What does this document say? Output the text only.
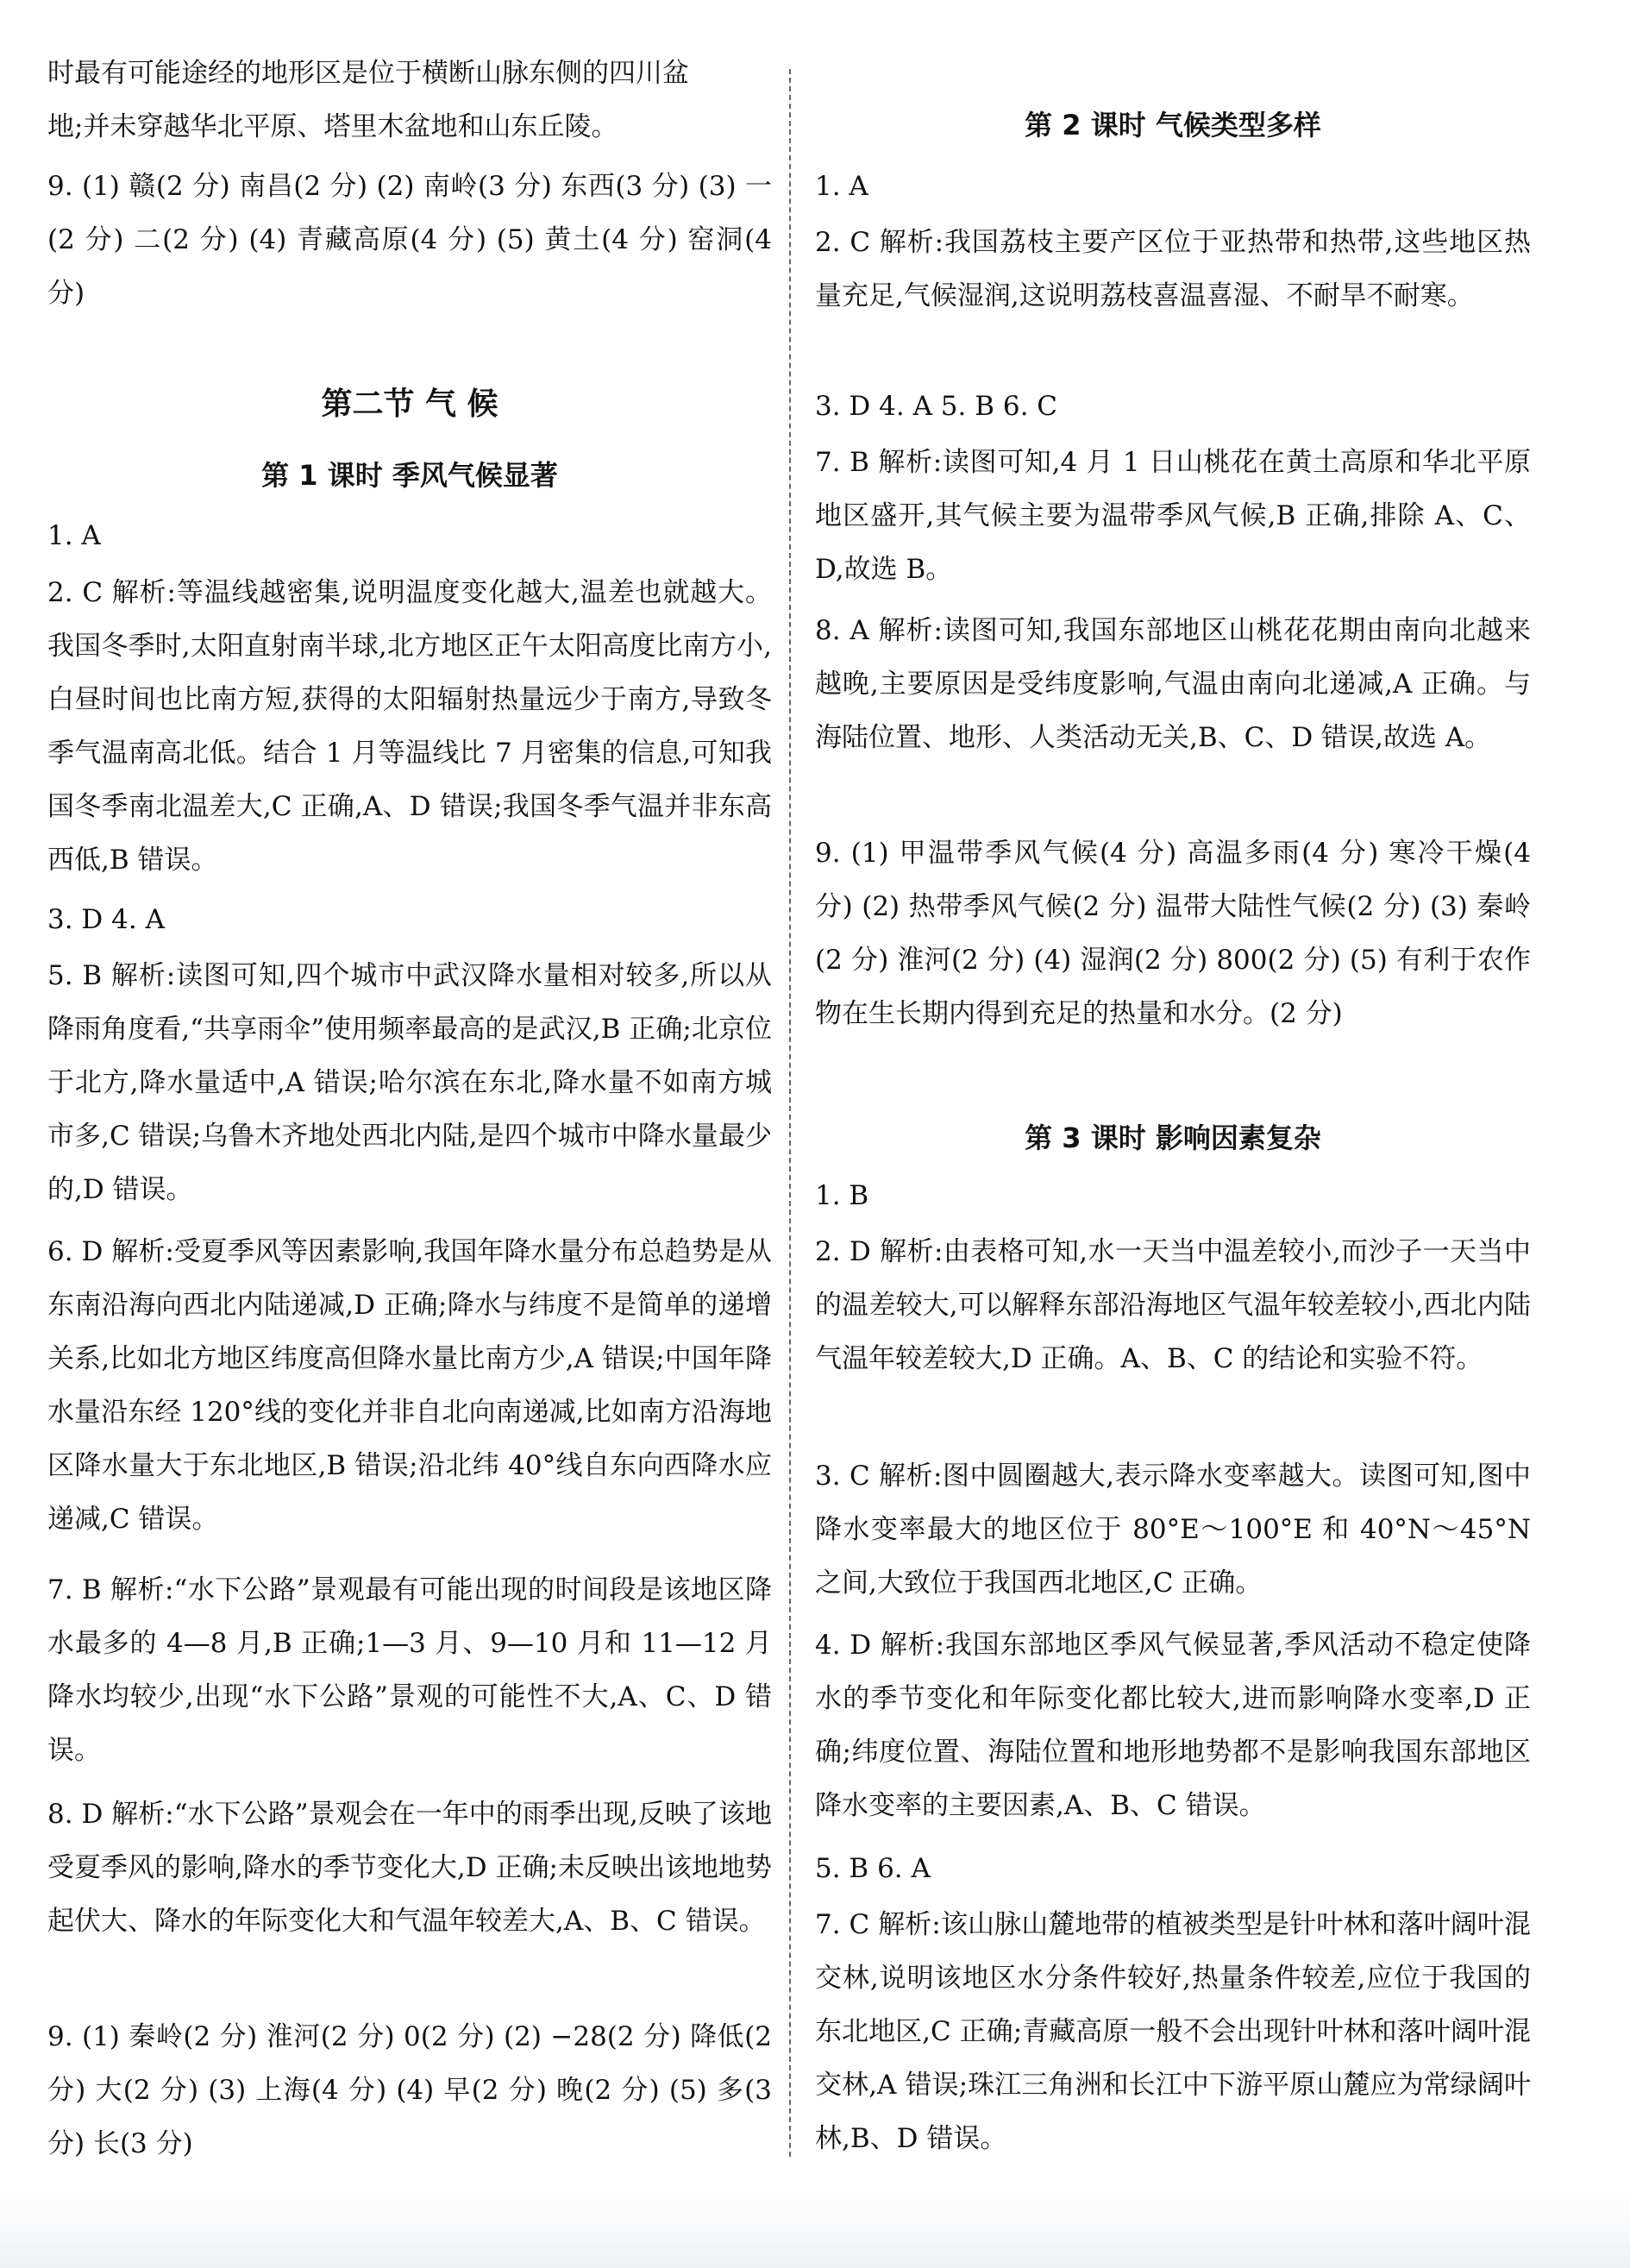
时最有可能途经的地形区是位于横断山脉东侧的四川盆
地;并未穿越华北平原、塔里木盆地和山东丘陵。
9. (1) 赣(2 分) 南昌(2 分) (2) 南岭(3 分) 东西(3 分) (3) 一(2 分) 二(2 分) (4) 青藏高原(4 分) (5) 黄土(4 分) 窑洞(4 分)
第二节 气 候
第 1 课时 季风气候显著
1. A
2. C 解析:等温线越密集,说明温度变化越大,温差也就越大。我国冬季时,太阳直射南半球,北方地区正午太阳高度比南方小,白昼时间也比南方短,获得的太阳辐射热量远少于南方,导致冬季气温南高北低。结合 1 月等温线比 7 月密集的信息,可知我国冬季南北温差大,C 正确,A、D 错误;我国冬季气温并非东高西低,B 错误。
3. D 4. A
5. B 解析:读图可知,四个城市中武汉降水量相对较多,所以从降雨角度看,“共享雨伞”使用频率最高的是武汉,B 正确;北京位于北方,降水量适中,A 错误;哈尔滨在东北,降水量不如南方城市多,C 错误;乌鲁木齐地处西北内陆,是四个城市中降水量最少的,D 错误。
6. D 解析:受夏季风等因素影响,我国年降水量分布总趋势是从东南沿海向西北内陆递减,D 正确;降水与纬度不是简单的递增关系,比如北方地区纬度高但降水量比南方少,A 错误;中国年降水量沿东经 120°线的变化并非自北向南递减,比如南方沿海地区降水量大于东北地区,B 错误;沿北纬 40°线自东向西降水应递减,C 错误。
7. B 解析:“水下公路”景观最有可能出现的时间段是该地区降水最多的 4—8 月,B 正确;1—3 月、9—10 月和 11—12 月降水均较少,出现“水下公路”景观的可能性不大,A、C、D 错误。
8. D 解析:“水下公路”景观会在一年中的雨季出现,反映了该地受夏季风的影响,降水的季节变化大,D 正确;未反映出该地地势起伏大、降水的年际变化大和气温年较差大,A、B、C 错误。
9. (1) 秦岭(2 分) 淮河(2 分) 0(2 分) (2) −28(2 分) 降低(2 分) 大(2 分) (3) 上海(4 分) (4) 早(2 分) 晚(2 分) (5) 多(3 分) 长(3 分)
第 2 课时 气候类型多样
1. A
2. C 解析:我国荔枝主要产区位于亚热带和热带,这些地区热量充足,气候湿润,这说明荔枝喜温喜湿、不耐旱不耐寒。
3. D 4. A 5. B 6. C
7. B 解析:读图可知,4 月 1 日山桃花在黄土高原和华北平原地区盛开,其气候主要为温带季风气候,B 正确,排除 A、C、D,故选 B。
8. A 解析:读图可知,我国东部地区山桃花花期由南向北越来越晚,主要原因是受纬度影响,气温由南向北递减,A 正确。与海陆位置、地形、人类活动无关,B、C、D 错误,故选 A。
9. (1) 甲温带季风气候(4 分) 高温多雨(4 分) 寒冷干燥(4 分) (2) 热带季风气候(2 分) 温带大陆性气候(2 分) (3) 秦岭(2 分) 淮河(2 分) (4) 湿润(2 分) 800(2 分) (5) 有利于农作物在生长期内得到充足的热量和水分。(2 分)
第 3 课时 影响因素复杂
1. B
2. D 解析:由表格可知,水一天当中温差较小,而沙子一天当中的温差较大,可以解释东部沿海地区气温年较差较小,西北内陆气温年较差较大,D 正确。A、B、C 的结论和实验不符。
3. C 解析:图中圆圈越大,表示降水变率越大。读图可知,图中降水变率最大的地区位于 80°E～100°E 和 40°N～45°N 之间,大致位于我国西北地区,C 正确。
4. D 解析:我国东部地区季风气候显著,季风活动不稳定使降水的季节变化和年际变化都比较大,进而影响降水变率,D 正确;纬度位置、海陆位置和地形地势都不是影响我国东部地区降水变率的主要因素,A、B、C 错误。
5. B 6. A
7. C 解析:该山脉山麓地带的植被类型是针叶林和落叶阔叶混交林,说明该地区水分条件较好,热量条件较差,应位于我国的东北地区,C 正确;青藏高原一般不会出现针叶林和落叶阔叶混交林,A 错误;珠江三角洲和长江中下游平原山麓应为常绿阔叶林,B、D 错误。
